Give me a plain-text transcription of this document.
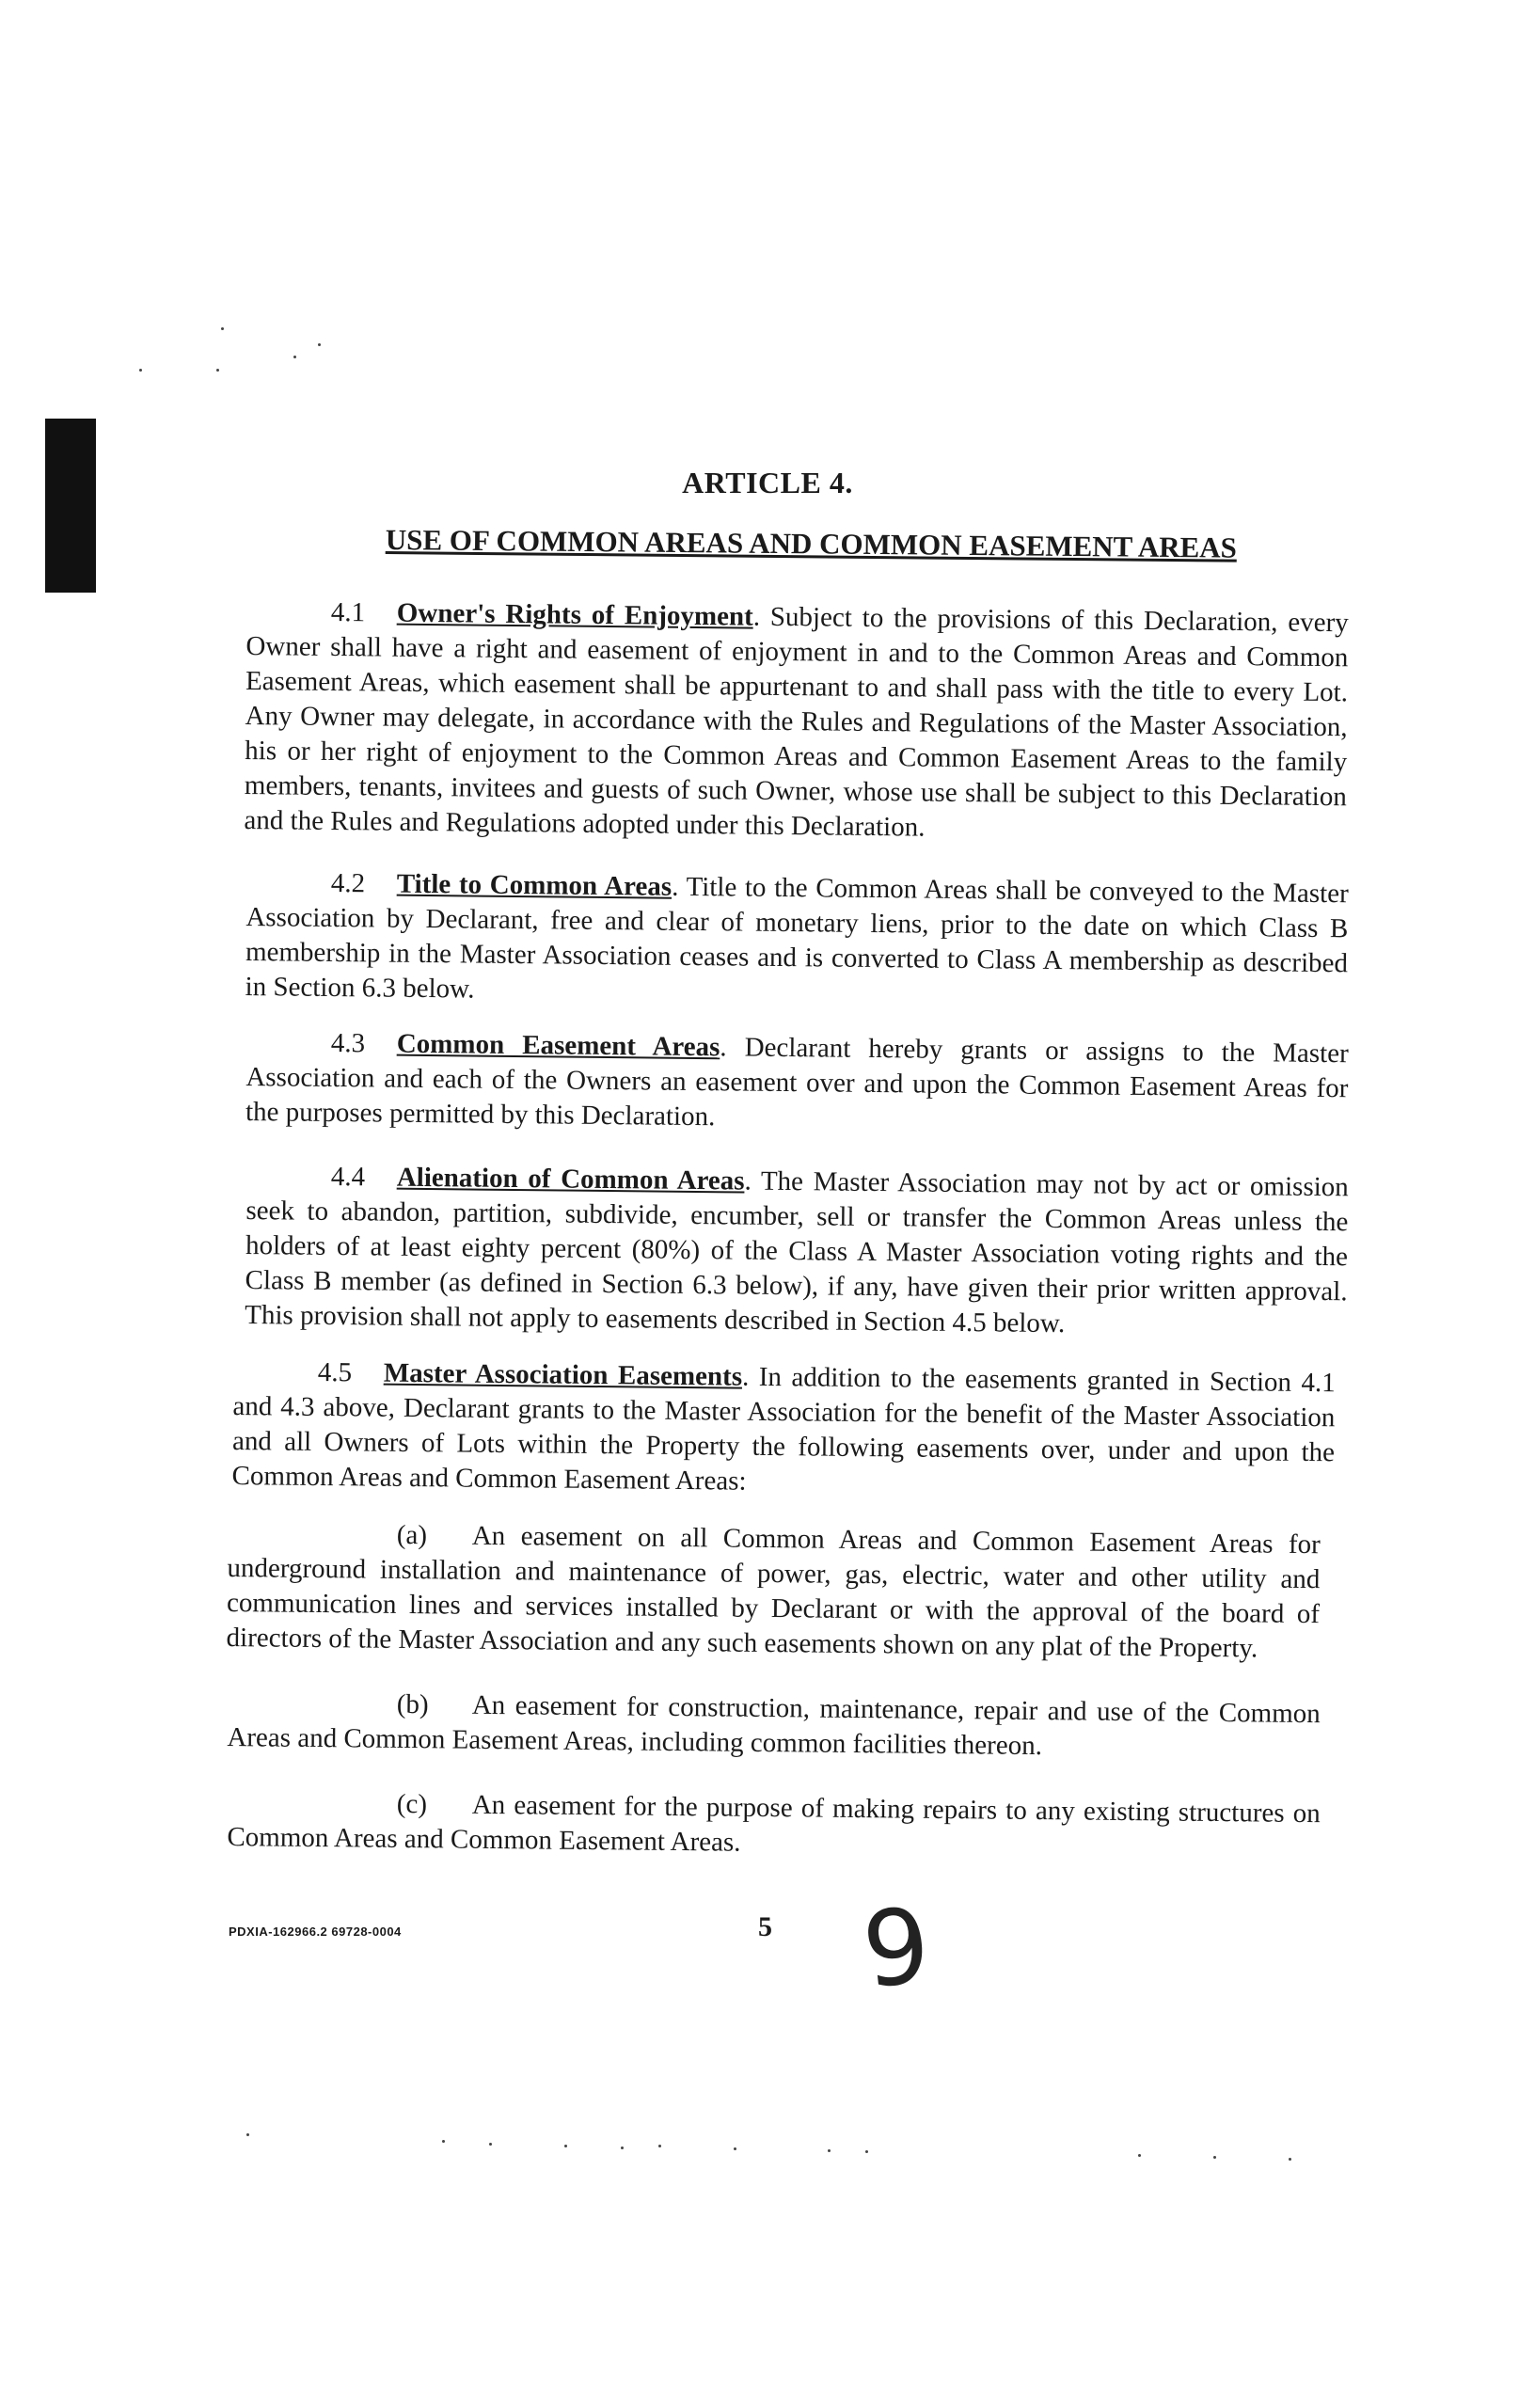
ARTICLE 4.
USE OF COMMON AREAS AND COMMON EASEMENT AREAS
4.1 Owner's Rights of Enjoyment. Subject to the provisions of this Declaration, every Owner shall have a right and easement of enjoyment in and to the Common Areas and Common Easement Areas, which easement shall be appurtenant to and shall pass with the title to every Lot. Any Owner may delegate, in accordance with the Rules and Regulations of the Master Association, his or her right of enjoyment to the Common Areas and Common Easement Areas to the family members, tenants, invitees and guests of such Owner, whose use shall be subject to this Declaration and the Rules and Regulations adopted under this Declaration.
4.2 Title to Common Areas. Title to the Common Areas shall be conveyed to the Master Association by Declarant, free and clear of monetary liens, prior to the date on which Class B membership in the Master Association ceases and is converted to Class A membership as described in Section 6.3 below.
4.3 Common Easement Areas. Declarant hereby grants or assigns to the Master Association and each of the Owners an easement over and upon the Common Easement Areas for the purposes permitted by this Declaration.
4.4 Alienation of Common Areas. The Master Association may not by act or omission seek to abandon, partition, subdivide, encumber, sell or transfer the Common Areas unless the holders of at least eighty percent (80%) of the Class A Master Association voting rights and the Class B member (as defined in Section 6.3 below), if any, have given their prior written approval. This provision shall not apply to easements described in Section 4.5 below.
4.5 Master Association Easements. In addition to the easements granted in Section 4.1 and 4.3 above, Declarant grants to the Master Association for the benefit of the Master Association and all Owners of Lots within the Property the following easements over, under and upon the Common Areas and Common Easement Areas:
(a) An easement on all Common Areas and Common Easement Areas for underground installation and maintenance of power, gas, electric, water and other utility and communication lines and services installed by Declarant or with the approval of the board of directors of the Master Association and any such easements shown on any plat of the Property.
(b) An easement for construction, maintenance, repair and use of the Common Areas and Common Easement Areas, including common facilities thereon.
(c) An easement for the purpose of making repairs to any existing structures on Common Areas and Common Easement Areas.
PDXIA-162966.2 69728-0004	5 9
